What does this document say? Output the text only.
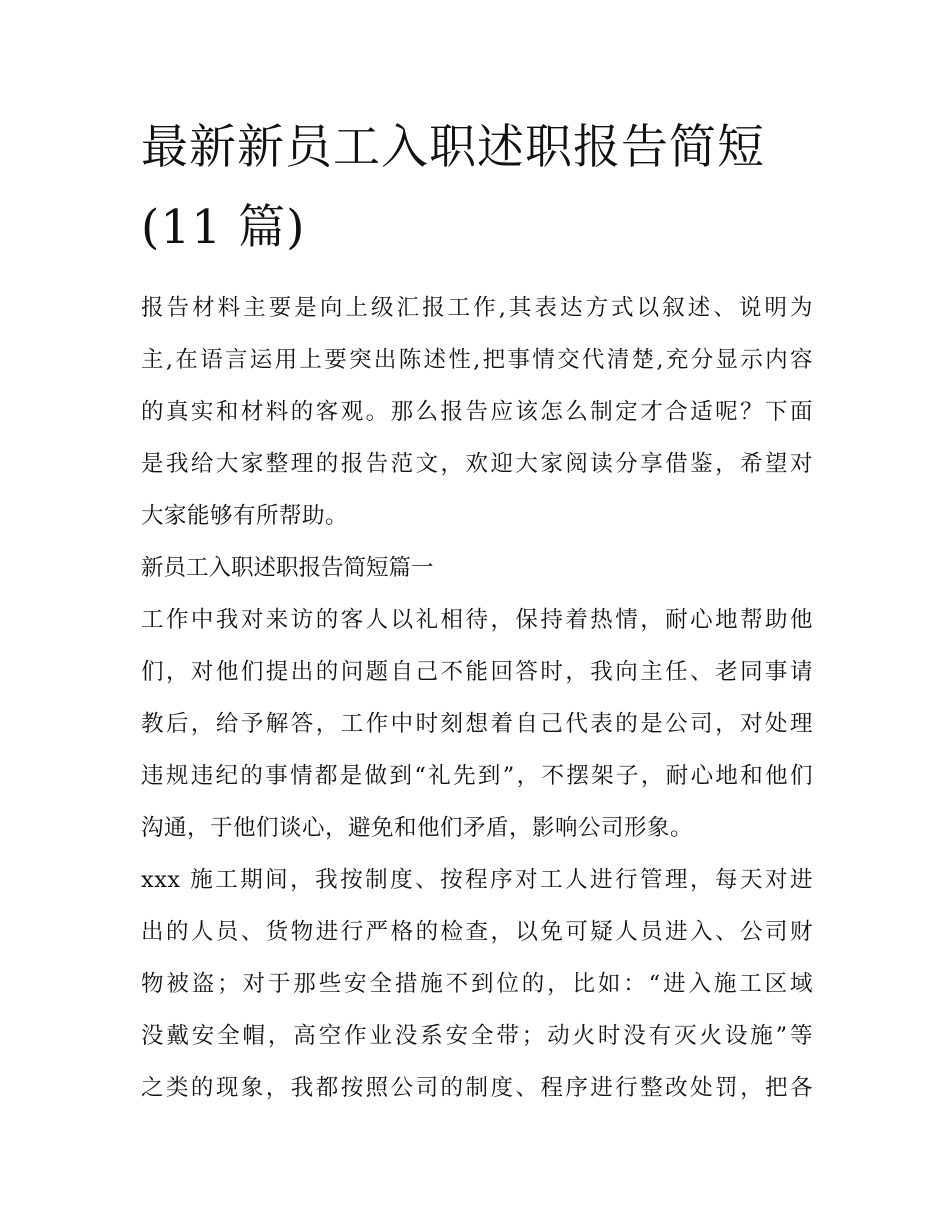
最新新员工入职述职报告简短
(11 篇)
报告材料主要是向上级汇报工作,其表达方式以叙述、说明为
主,在语言运用上要突出陈述性,把事情交代清楚,充分显示内容
的真实和材料的客观。那么报告应该怎么制定才合适呢？下面
是我给大家整理的报告范文，欢迎大家阅读分享借鉴，希望对
大家能够有所帮助。
新员工入职述职报告简短篇一
工作中我对来访的客人以礼相待，保持着热情，耐心地帮助他
们，对他们提出的问题自己不能回答时，我向主任、老同事请
教后，给予解答，工作中时刻想着自己代表的是公司，对处理
违规违纪的事情都是做到“礼先到”，不摆架子，耐心地和他们
沟通，于他们谈心，避免和他们矛盾，影响公司形象。
xxx 施工期间，我按制度、按程序对工人进行管理，每天对进
出的人员、货物进行严格的检查，以免可疑人员进入、公司财
物被盗；对于那些安全措施不到位的，比如：“进入施工区域
没戴安全帽，高空作业没系安全带；动火时没有灭火设施”等
之类的现象，我都按照公司的制度、程序进行整改处罚，把各
